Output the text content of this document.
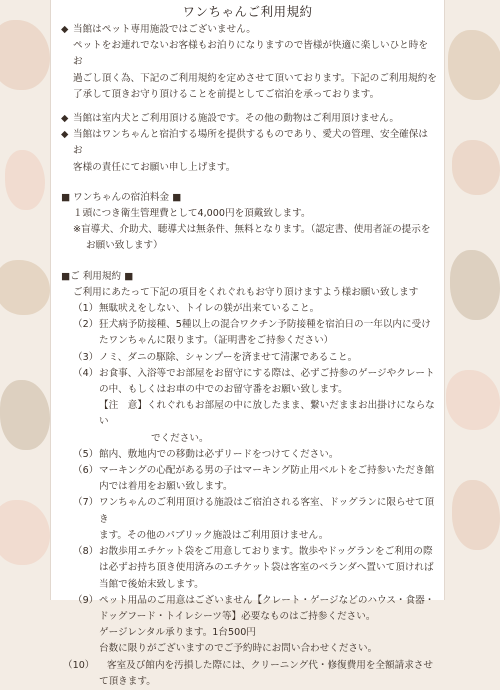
ワンちゃんご利用規約
◆ 当館はペット専用施設ではございません。
ペットをお連れでないお客様もお泊りになりますので皆様が快適に楽しいひと時をお
過ごし頂く為、下記のご利用規約を定めさせて頂いております。下記のご利用規約を
了承して頂きお守り頂けることを前提としてご宿泊を承っております。
◆ 当館は室内犬とご利用頂ける施設です。その他の動物はご利用頂けません。
◆ 当館はワンちゃんと宿泊する場所を提供するものであり、愛犬の管理、安全確保はお
客様の責任にてお願い申し上げます。
■ ワンちゃんの宿泊料金 ■
１頭につき衛生管理費として4,000円を頂戴致します。
※盲導犬、介助犬、聴導犬は無条件、無料となります。（認定書、使用者証の提示を
お願い致します）
■ご 利用規約 ■
ご利用にあたって下記の項目をくれぐれもお守り頂けますよう様お願い致します
（1） 無駄吠えをしない、トイレの躾が出来ていること。
（2） 狂犬病予防接種、5種以上の混合ワクチン予防接種を宿泊日の一年以内に受け
たワンちゃんに限ります。（証明書をご持参ください）
（3） ノミ、ダニの駆除、シャンプーを済ませて清潔であること。
（4） お食事、入浴等でお部屋をお留守にする際は、必ずご持参のゲージやクレート
の中、もしくはお車の中でのお留守番をお願い致します。
【注　意】くれぐれもお部屋の中に放したまま、繋いだままお出掛けにならない
でください。
（5） 館内、敷地内での移動は必ずリードをつけてください。
（6） マーキングの心配がある男の子はマーキング防止用ベルトをご持参いただき館
内では着用をお願い致します。
（7） ワンちゃんのご利用頂ける施設はご宿泊される客室、ドッグランに限らせて頂き
ます。その他のパブリック施設はご利用頂けません。
（8） お散歩用エチケット袋をご用意しております。散歩やドッグランをご利用の際
は必ずお持ち頂き使用済みのエチケット袋は客室のベランダへ置いて頂ければ
当館で後始末致します。
（9） ペット用品のご用意はございません【クレート・ゲージなどのハウス・食器・
ドッグフード・トイレシーツ等】必要なものはご持参ください。
ゲージレンタル承ります。1台500円
台数に限りがございますのでご予約時にお問い合わせください。
（10）	客室及び館内を汚損した際には、クリーニング代・修復費用を全額請求させ
て頂きます。
